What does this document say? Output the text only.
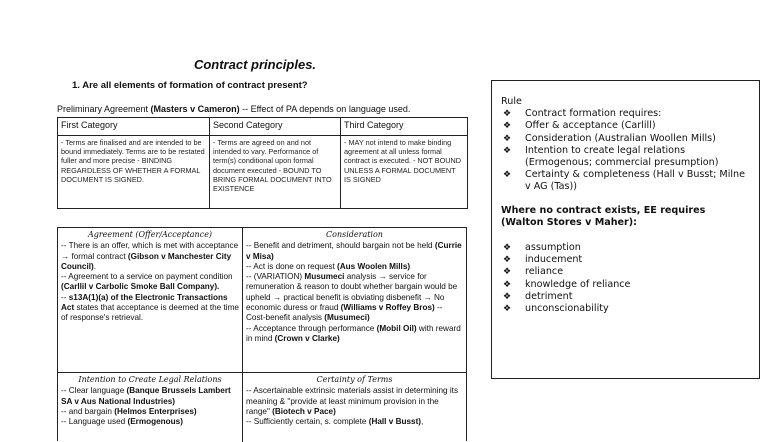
Contract principles.
1. Are all elements of formation of contract present?
Preliminary Agreement (Masters v Cameron) -- Effect of PA depends on language used.
First Category	Second Category	Third Category
- Terms are finalised and are intended to be bound immediately. Terms are to be restated fuller and more precise - BINDING REGARDLESS OF WHETHER A FORMAL DOCUMENT IS SIGNED.	- Terms are agreed on and not intended to vary. Performance of term(s) conditional upon formal document executed - BOUND TO BRING FORMAL DOCUMENT INTO EXISTENCE	- MAY not intend to make binding agreement at all unless formal contract is executed. - NOT BOUND UNLESS A FORMAL DOCUMENT IS SIGNED
Agreement (Offer/Acceptance)

-- There is an offer, which is met with acceptance → formal contract (Gibson v Manchester City Council).

-- Agreement to a service on payment condition (Carllil v Carbolic Smoke Ball Company).

-- s13A(1)(a) of the Electronic Transactions Act states that acceptance is deemed at the time of response's retrieval.

Consideration

-- Benefit and detriment, should bargain not be held (Currie v Misa)

-- Act is done on request (Aus Woolen Mills)

-- (VARIATION) Musumeci analysis → service for remuneration & reason to doubt whether bargain would be upheld → practical benefit is obviating disbenefit → No economic duress or fraud (Williams v Roffey Bros) -- Cost-benefit analysis (Musumeci)

-- Acceptance through performance (Mobil Oil) with reward in mind (Crown v Clarke)

Intention to Create Legal Relations

-- Clear language (Banque Brussels Lambert SA v Aus National Industries)

-- and bargain (Helmos Enterprises)

-- Language used (Ermogenous)

Certainty of Terms

-- Ascertainable extrinsic materials assist in determining its meaning & "provide at least minimum provision in the range" (Biotech v Pace)

-- Sufficiently certain, s. complete (Hall v Busst),

Rule
❖ Contract formation requires:
❖ Offer & acceptance (Carlill)
❖ Consideration (Australian Woollen Mills)
❖ Intention to create legal relations (Ermogenous; commercial presumption)
❖ Certainty & completeness (Hall v Busst; Milne v AG (Tas))
Where no contract exists, EE requires (Walton Stores v Maher):
❖ assumption
❖ inducement
❖ reliance
❖ knowledge of reliance
❖ detriment
❖ unconscionability
